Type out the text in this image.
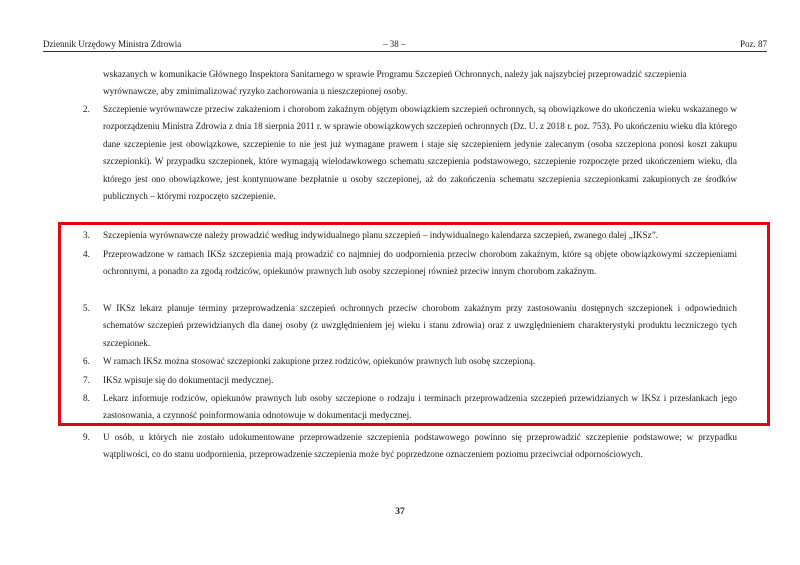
Dziennik Urzędowy Ministra Zdrowia	– 38 –	Poz. 87
wskazanych w komunikacie Głównego Inspektora Sanitarnego w sprawie Programu Szczepień Ochronnych, należy jak najszybciej przeprowadzić szczepienia wyrównawcze, aby zminimalizować ryzyko zachorowania u nieszczepionej osoby.
2.	Szczepienie wyrównawcze przeciw zakażeniom i chorobom zakaźnym objętym obowiązkiem szczepień ochronnych, są obowiązkowe do ukończenia wieku wskazanego w rozporządzeniu Ministra Zdrowia z dnia 18 sierpnia 2011 r. w sprawie obowiązkowych szczepień ochronnych (Dz. U. z 2018 r. poz. 753). Po ukończeniu wieku dla którego dane szczepienie jest obowiązkowe, szczepienie to nie jest już wymagane prawem i staje się szczepieniem jedynie zalecanym (osoba szczepiona ponosi koszt zakupu szczepionki). W przypadku szczepionek, które wymagają wielodawkowego schematu szczepienia podstawowego, szczepienie rozpoczęte przed ukończeniem wieku, dla którego jest ono obowiązkowe, jest kontynuowane bezpłatnie u osoby szczepionej, aż do zakończenia schematu szczepienia szczepionkami zakupionych ze środków publicznych – którymi rozpoczęto szczepienie.
3.	Szczepienia wyrównawcze należy prowadzić według indywidualnego planu szczepień – indywidualnego kalendarza szczepień, zwanego dalej „IKSz”.
4.	Przeprowadzone w ramach IKSz szczepienia mają prowadzić co najmniej do uodpornienia przeciw chorobom zakaźnym, które są objęte obowiązkowymi szczepieniami ochronnymi, a ponadto za zgodą rodziców, opiekunów prawnych lub osoby szczepionej również przeciw innym chorobom zakaźnym.
5.	W IKSz lekarz planuje terminy przeprowadzenia szczepień ochronnych przeciw chorobom zakaźnym przy zastosowaniu dostępnych szczepionek i odpowiednich schematów szczepień przewidzianych dla danej osoby (z uwzględnieniem jej wieku i stanu zdrowia) oraz z uwzględnieniem charakterystyki produktu leczniczego tych szczepionek.
6.	W ramach IKSz można stosować szczepionki zakupione przez rodziców, opiekunów prawnych lub osobę szczepioną.
7.	IKSz wpisuje się do dokumentacji medycznej.
8.	Lekarz informuje rodziców, opiekunów prawnych lub osoby szczepione o rodzaju i terminach przeprowadzenia szczepień przewidzianych w IKSz i przesłankach jego zastosowania, a czynność poinformowania odnotowuje w dokumentacji medycznej.
9.	U osób, u których nie zostało udokumentowane przeprowadzenie szczepienia podstawowego powinno się przeprowadzić szczepienie podstawowe; w przypadku wątpliwości, co do stanu uodpornienia, przeprowadzenie szczepienia może być poprzedzone oznaczeniem poziomu przeciwciał odpornościowych.
37
